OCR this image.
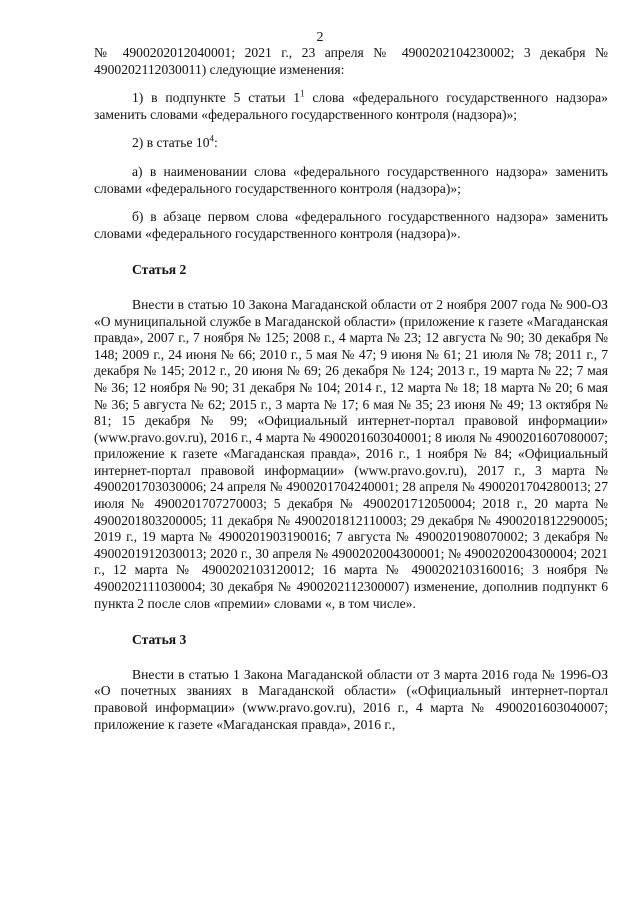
2

№ 4900202012040001; 2021 г., 23 апреля № 4900202104230002; 3 декабря № 4900202112030011) следующие изменения:

1) в подпункте 5 статьи $1^1$ слова «федерального государственного надзора» заменить словами «федерального государственного контроля (надзора)»;

2) в статье $10^4$:

а) в наименовании слова «федерального государственного надзора» заменить словами «федерального государственного контроля (надзора)»;

б) в абзаце первом слова «федерального государственного надзора» заменить словами «федерального государственного контроля (надзора)».

Статья 2

Внести в статью 10 Закона Магаданской области от 2 ноября 2007 года № 900-ОЗ «О муниципальной службе в Магаданской области» (приложение к газете «Магаданская правда», 2007 г., 7 ноября № 125; 2008 г., 4 марта № 23; 12 августа № 90; 30 декабря № 148; 2009 г., 24 июня № 66; 2010 г., 5 мая № 47; 9 июня № 61; 21 июля № 78; 2011 г., 7 декабря № 145; 2012 г., 20 июня № 69; 26 декабря № 124; 2013 г., 19 марта № 22; 7 мая № 36; 12 ноября № 90; 31 декабря № 104; 2014 г., 12 марта № 18; 18 марта № 20; 6 мая № 36; 5 августа № 62; 2015 г., 3 марта № 17; 6 мая № 35; 23 июня № 49; 13 октября № 81; 15 декабря № 99; «Официальный интернет-портал правовой информации» (www.pravo.gov.ru), 2016 г., 4 марта № 4900201603040001; 8 июля № 4900201607080007; приложение к газете «Магаданская правда», 2016 г., 1 ноября № 84; «Официальный интернет-портал правовой информации» (www.pravo.gov.ru), 2017 г., 3 марта № 4900201703030006; 24 апреля № 4900201704240001; 28 апреля № 4900201704280013; 27 июля № 4900201707270003; 5 декабря № 4900201712050004; 2018 г., 20 марта № 4900201803200005; 11 декабря № 4900201812110003; 29 декабря № 4900201812290005; 2019 г., 19 марта № 4900201903190016; 7 августа № 4900201908070002; 3 декабря № 4900201912030013; 2020 г., 30 апреля № 4900202004300001; № 4900202004300004; 2021 г., 12 марта № 4900202103120012; 16 марта № 4900202103160016; 3 ноября № 4900202111030004; 30 декабря № 4900202112300007) изменение, дополнив подпункт 6 пункта 2 после слов «премии» словами «, в том числе».

Статья 3

Внести в статью 1 Закона Магаданской области от 3 марта 2016 года № 1996-ОЗ «О почетных званиях в Магаданской области» («Официальный интернет-портал правовой информации» (www.pravo.gov.ru), 2016 г., 4 марта № 4900201603040007; приложение к газете «Магаданская правда», 2016 г.,
